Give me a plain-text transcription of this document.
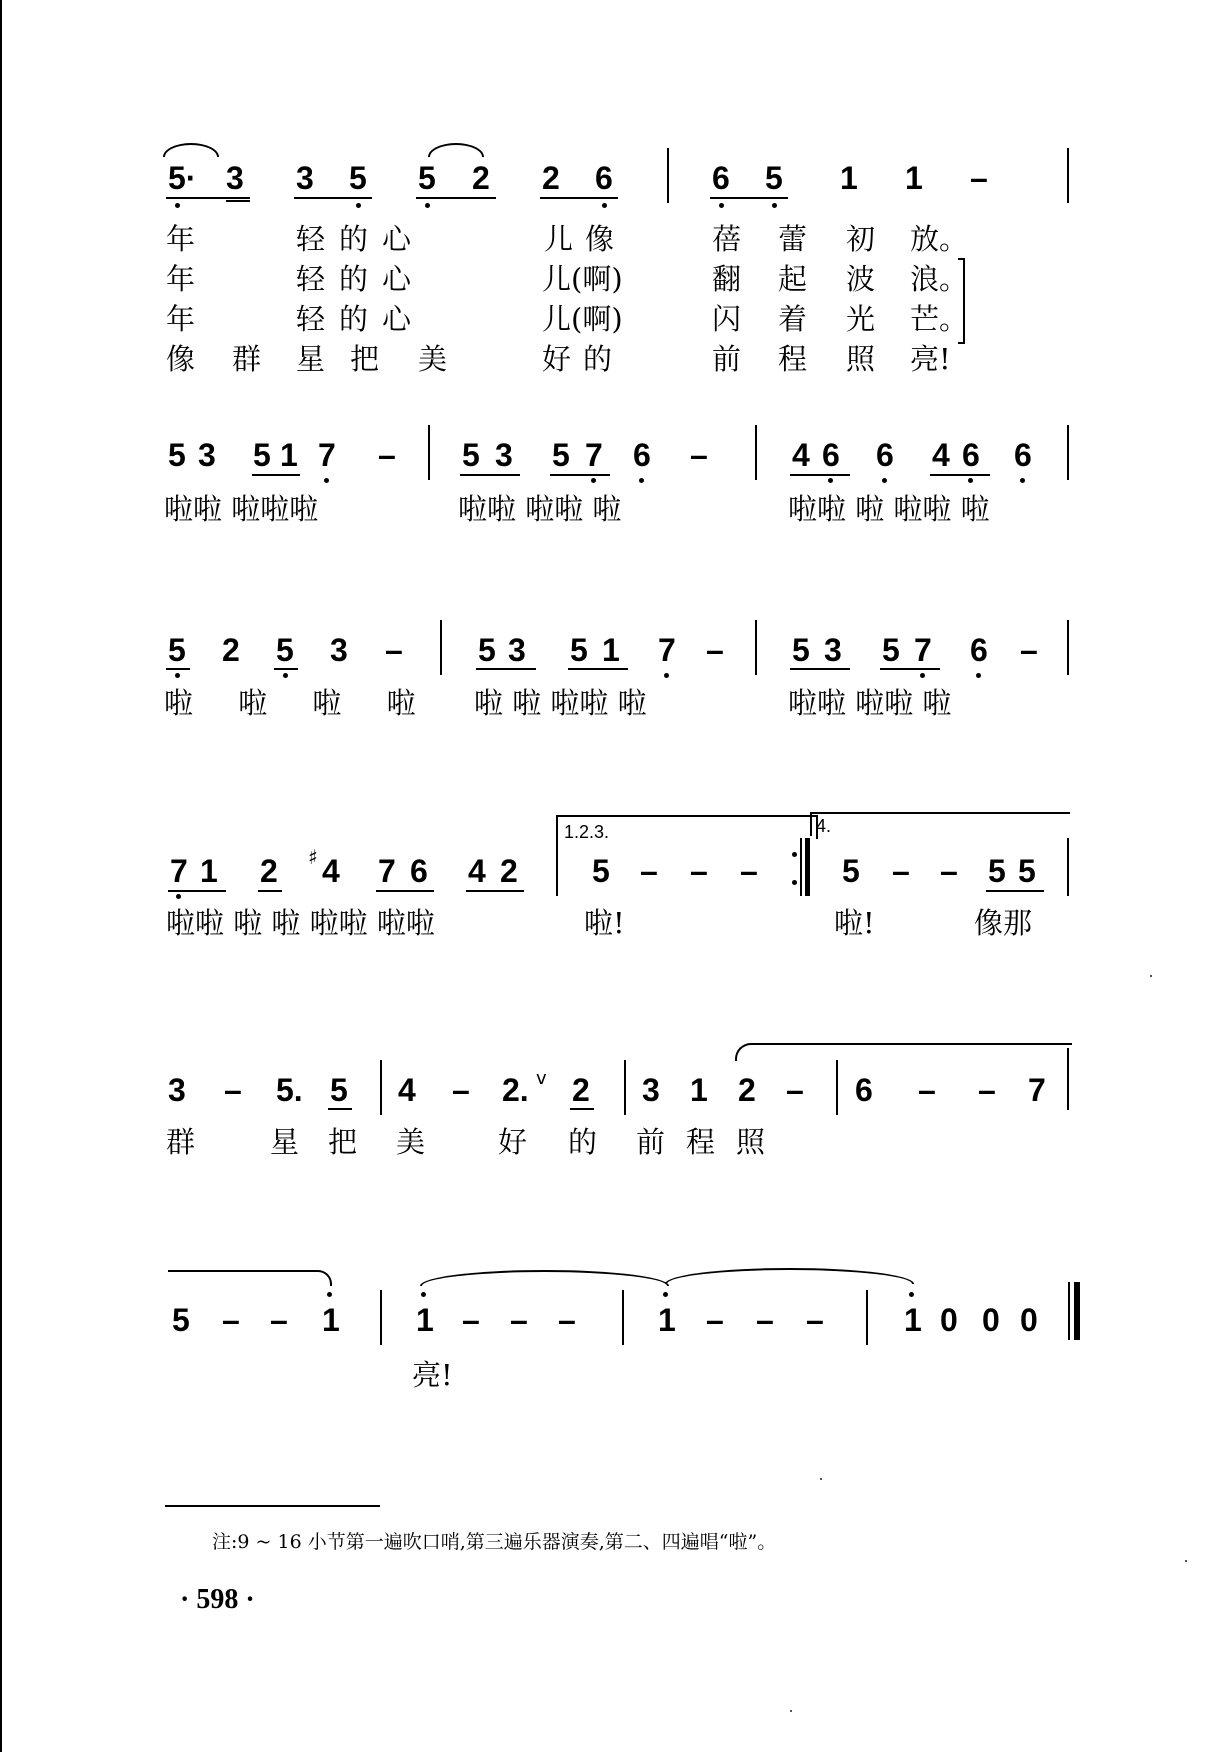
5· 3 3 5 5 2 2 6	6 5 1 1 –
年	轻的心	儿像	蓓 蕾 初 放。
年	轻的心	儿(啊)	翻 起 波 浪。
年	轻的心	儿(啊)	闪 着 光 芒。
像 群 星 把 美	好的	前 程 照 亮!
5 3 5 1 7 – 5 3 5 7 6 –	4 6 6 4 6 6
啦啦 啦啦啦	啦啦 啦啦 啦	啦啦 啦 啦啦 啦
5 2 5 3 – 5 3 5 1 7 – 5 3 5 7 6 –
啦 啦 啦 啦 啦 啦 啦啦 啦	啦啦 啦啦 啦
1.2.3.	4.
7 1 2 ♯ 4 7 6 4 2 5 – – –	5 – – 5 5
啦啦 啦 啦 啦啦 啦啦	啦!	啦!	像那
3 – 5. 5 4 – 2. v 2 3 1 2 – 6 – – 7
群	星 把 美	好 的 前 程 照
5 – – 1 1 – – –	1 – – –	1 0 0 0
亮!
注:9 ~ 16 小节第一遍吹口哨,第三遍乐器演奏,第二、四遍唱“啦”。
· 598 ·
